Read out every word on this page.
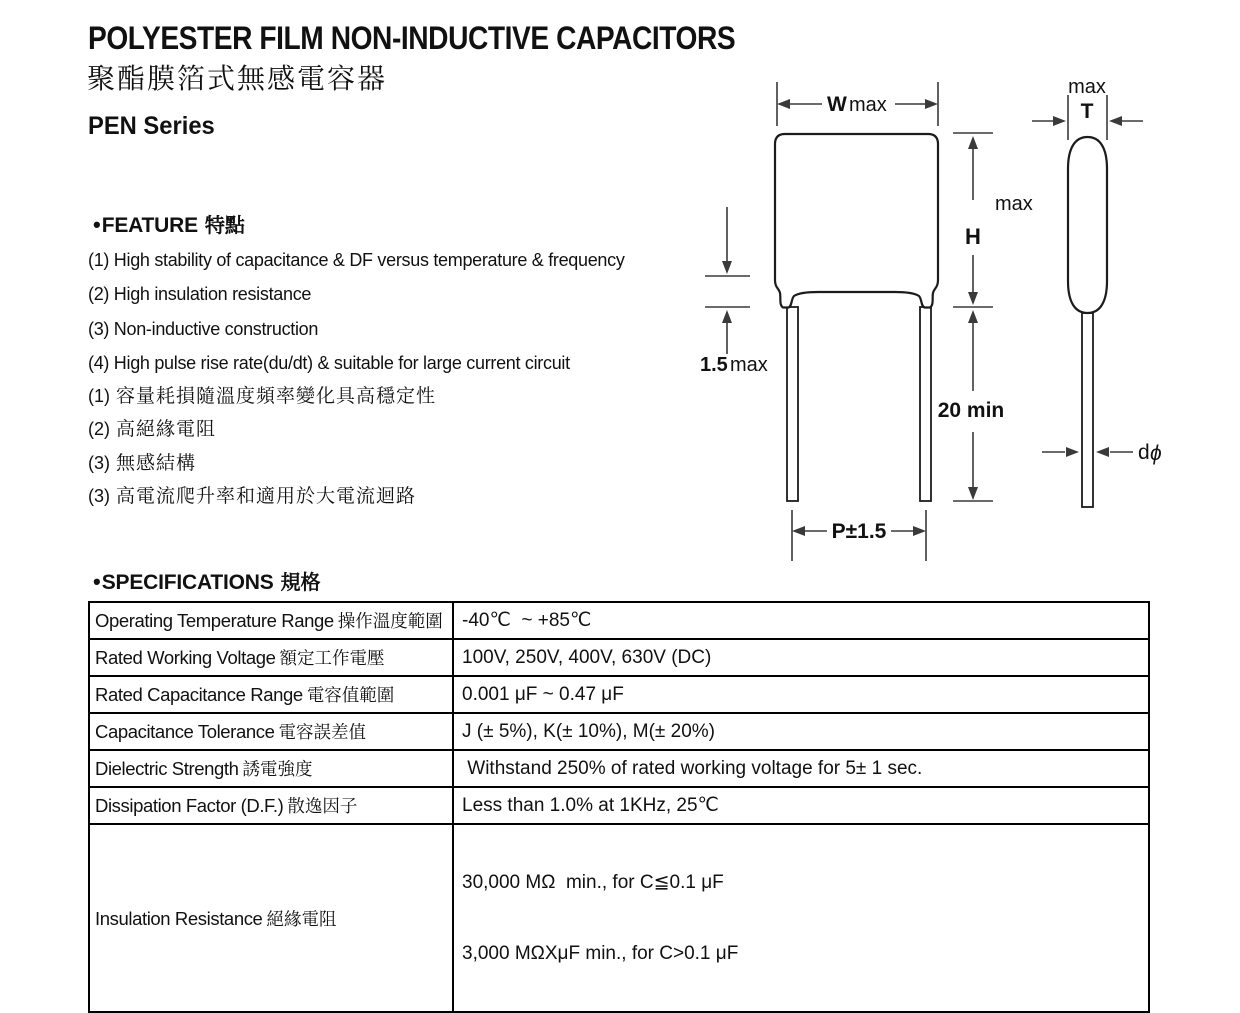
POLYESTER FILM NON-INDUCTIVE CAPACITORS
聚酯膜箔式無感電容器
PEN Series
•FEATURE 特點
(1) High stability of capacitance & DF versus temperature & frequency
(2) High insulation resistance
(3) Non-inductive construction
(4) High pulse rise rate(du/dt) & suitable for large current circuit
(1) 容量耗損隨溫度頻率變化具高穩定性
(2) 高絕緣電阻
(3) 無感結構
(3) 高電流爬升率和適用於大電流迴路
W max
max
H
20 min
1.5 max
P±1.5
max
T
d ϕ
•SPECIFICATIONS 規格
Operating Temperature Range 操作溫度範圍	-40℃  ~ +85℃
Rated Working Voltage 額定工作電壓	100V, 250V, 400V, 630V (DC)
Rated Capacitance Range 電容值範圍	0.001 μF ~ 0.47 μF
Capacitance Tolerance 電容誤差值	J (± 5%), K(± 10%), M(± 20%)
Dielectric Strength 誘電強度	Withstand 250% of rated working voltage for 5± 1 sec.
Dissipation Factor (D.F.) 散逸因子	Less than 1.0% at 1KHz, 25℃
Insulation Resistance 絕緣電阻	30,000 MΩ  min., for C≦0.1 μF

3,000 MΩXμF min., for C>0.1 μF
